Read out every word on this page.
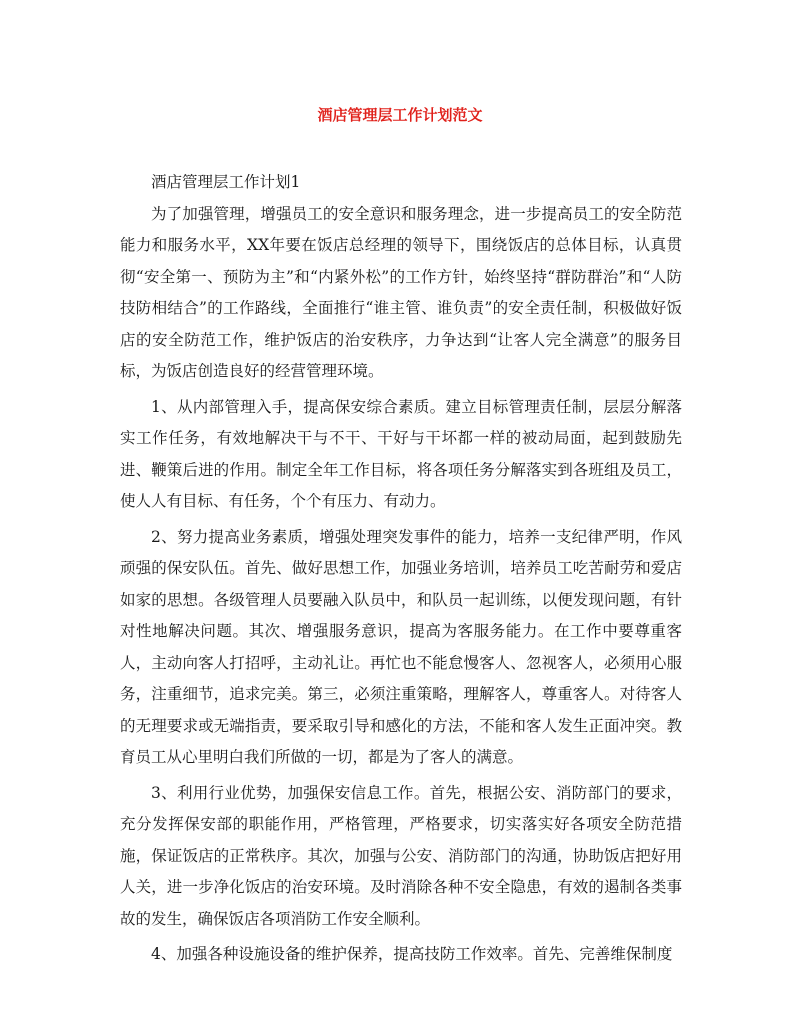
酒店管理层工作计划范文

酒店管理层工作计划1

为了加强管理，增强员工的安全意识和服务理念，进一步提高员工的安全防范能力和服务水平，XX年要在饭店总经理的领导下，围绕饭店的总体目标，认真贯彻“安全第一、预防为主”和“内紧外松”的工作方针，始终坚持“群防群治”和“人防技防相结合”的工作路线，全面推行“谁主管、谁负责”的安全责任制，积极做好饭店的安全防范工作，维护饭店的治安秩序，力争达到“让客人完全满意”的服务目标，为饭店创造良好的经营管理环境。

1、从内部管理入手，提高保安综合素质。建立目标管理责任制，层层分解落实工作任务，有效地解决干与不干、干好与干坏都一样的被动局面，起到鼓励先进、鞭策后进的作用。制定全年工作目标，将各项任务分解落实到各班组及员工，使人人有目标、有任务，个个有压力、有动力。

2、努力提高业务素质，增强处理突发事件的能力，培养一支纪律严明，作风顽强的保安队伍。首先、做好思想工作，加强业务培训，培养员工吃苦耐劳和爱店如家的思想。各级管理人员要融入队员中，和队员一起训练，以便发现问题，有针对性地解决问题。其次、增强服务意识，提高为客服务能力。在工作中要尊重客人，主动向客人打招呼，主动礼让。再忙也不能怠慢客人、忽视客人，必须用心服务，注重细节，追求完美。第三，必须注重策略，理解客人，尊重客人。对待客人的无理要求或无端指责，要采取引导和感化的方法，不能和客人发生正面冲突。教育员工从心里明白我们所做的一切，都是为了客人的满意。

3、利用行业优势，加强保安信息工作。首先，根据公安、消防部门的要求，充分发挥保安部的职能作用，严格管理，严格要求，切实落实好各项安全防范措施，保证饭店的正常秩序。其次，加强与公安、消防部门的沟通，协助饭店把好用人关，进一步净化饭店的治安环境。及时消除各种不安全隐患，有效的遏制各类事故的发生，确保饭店各项消防工作安全顺利。

4、加强各种设施设备的维护保养，提高技防工作效率。首先、完善维保制度
